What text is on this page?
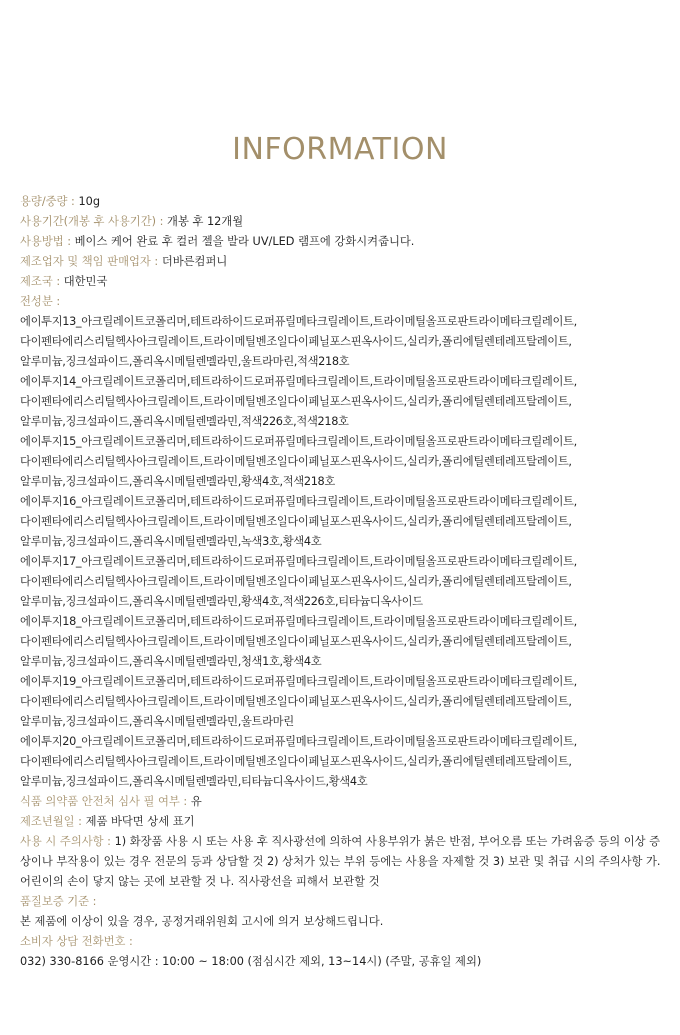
INFORMATION
용량/중량 : 10g
사용기간(개봉 후 사용기간) : 개봉 후 12개월
사용방법 : 베이스 케어 완료 후 컬러 젤을 발라 UV/LED 램프에 강화시켜줍니다.
제조업자 및 책임 판매업자 : 더바른컴퍼니
제조국 : 대한민국
전성분 :
에이투지13_아크릴레이트코폴리머,테트라하이드로퍼퓨릴메타크릴레이트,트라이메틸올프로판트라이메타크릴레이트,
다이펜타에리스리틸헥사아크릴레이트,트라이메틸벤조일다이페닐포스핀옥사이드,실리카,폴리에틸렌테레프탈레이트,
알루미늄,징크설파이드,폴리옥시메틸렌멜라민,울트라마린,적색218호
에이투지14_아크릴레이트코폴리머,테트라하이드로퍼퓨릴메타크릴레이트,트라이메틸올프로판트라이메타크릴레이트,
다이펜타에리스리틸헥사아크릴레이트,트라이메틸벤조일다이페닐포스핀옥사이드,실리카,폴리에틸렌테레프탈레이트,
알루미늄,징크설파이드,폴리옥시메틸렌멜라민,적색226호,적색218호
에이투지15_아크릴레이트코폴리머,테트라하이드로퍼퓨릴메타크릴레이트,트라이메틸올프로판트라이메타크릴레이트,
다이펜타에리스리틸헥사아크릴레이트,트라이메틸벤조일다이페닐포스핀옥사이드,실리카,폴리에틸렌테레프탈레이트,
알루미늄,징크설파이드,폴리옥시메틸렌멜라민,황색4호,적색218호
에이투지16_아크릴레이트코폴리머,테트라하이드로퍼퓨릴메타크릴레이트,트라이메틸올프로판트라이메타크릴레이트,
다이펜타에리스리틸헥사아크릴레이트,트라이메틸벤조일다이페닐포스핀옥사이드,실리카,폴리에틸렌테레프탈레이트,
알루미늄,징크설파이드,폴리옥시메틸렌멜라민,녹색3호,황색4호
에이투지17_아크릴레이트코폴리머,테트라하이드로퍼퓨릴메타크릴레이트,트라이메틸올프로판트라이메타크릴레이트,
다이펜타에리스리틸헥사아크릴레이트,트라이메틸벤조일다이페닐포스핀옥사이드,실리카,폴리에틸렌테레프탈레이트,
알루미늄,징크설파이드,폴리옥시메틸렌멜라민,황색4호,적색226호,티타늄디옥사이드
에이투지18_아크릴레이트코폴리머,테트라하이드로퍼퓨릴메타크릴레이트,트라이메틸올프로판트라이메타크릴레이트,
다이펜타에리스리틸헥사아크릴레이트,트라이메틸벤조일다이페닐포스핀옥사이드,실리카,폴리에틸렌테레프탈레이트,
알루미늄,징크설파이드,폴리옥시메틸렌멜라민,청색1호,황색4호
에이투지19_아크릴레이트코폴리머,테트라하이드로퍼퓨릴메타크릴레이트,트라이메틸올프로판트라이메타크릴레이트,
다이펜타에리스리틸헥사아크릴레이트,트라이메틸벤조일다이페닐포스핀옥사이드,실리카,폴리에틸렌테레프탈레이트,
알루미늄,징크설파이드,폴리옥시메틸렌멜라민,울트라마린
에이투지20_아크릴레이트코폴리머,테트라하이드로퍼퓨릴메타크릴레이트,트라이메틸올프로판트라이메타크릴레이트,
다이펜타에리스리틸헥사아크릴레이트,트라이메틸벤조일다이페닐포스핀옥사이드,실리카,폴리에틸렌테레프탈레이트,
알루미늄,징크설파이드,폴리옥시메틸렌멜라민,티타늄디옥사이드,황색4호
식품 의약품 안전처 심사 필 여부 : 유
제조년월일 : 제품 바닥면 상세 표기
사용 시 주의사항 : 1) 화장품 사용 시 또는 사용 후 직사광선에 의하여 사용부위가 붉은 반점, 부어오름 또는 가려움증 등의 이상 증상이나 부작용이 있는 경우 전문의 등과 상담할 것 2) 상처가 있는 부위 등에는 사용을 자제할 것 3) 보관 및 취급 시의 주의사항 가. 어린이의 손이 닿지 않는 곳에 보관할 것 나. 직사광선을 피해서 보관할 것
품질보증 기준 :
본 제품에 이상이 있을 경우, 공정거래위원회 고시에 의거 보상해드립니다.
소비자 상담 전화번호 :
032) 330-8166 운영시간 : 10:00 ~ 18:00 (점심시간 제외, 13~14시) (주말, 공휴일 제외)
